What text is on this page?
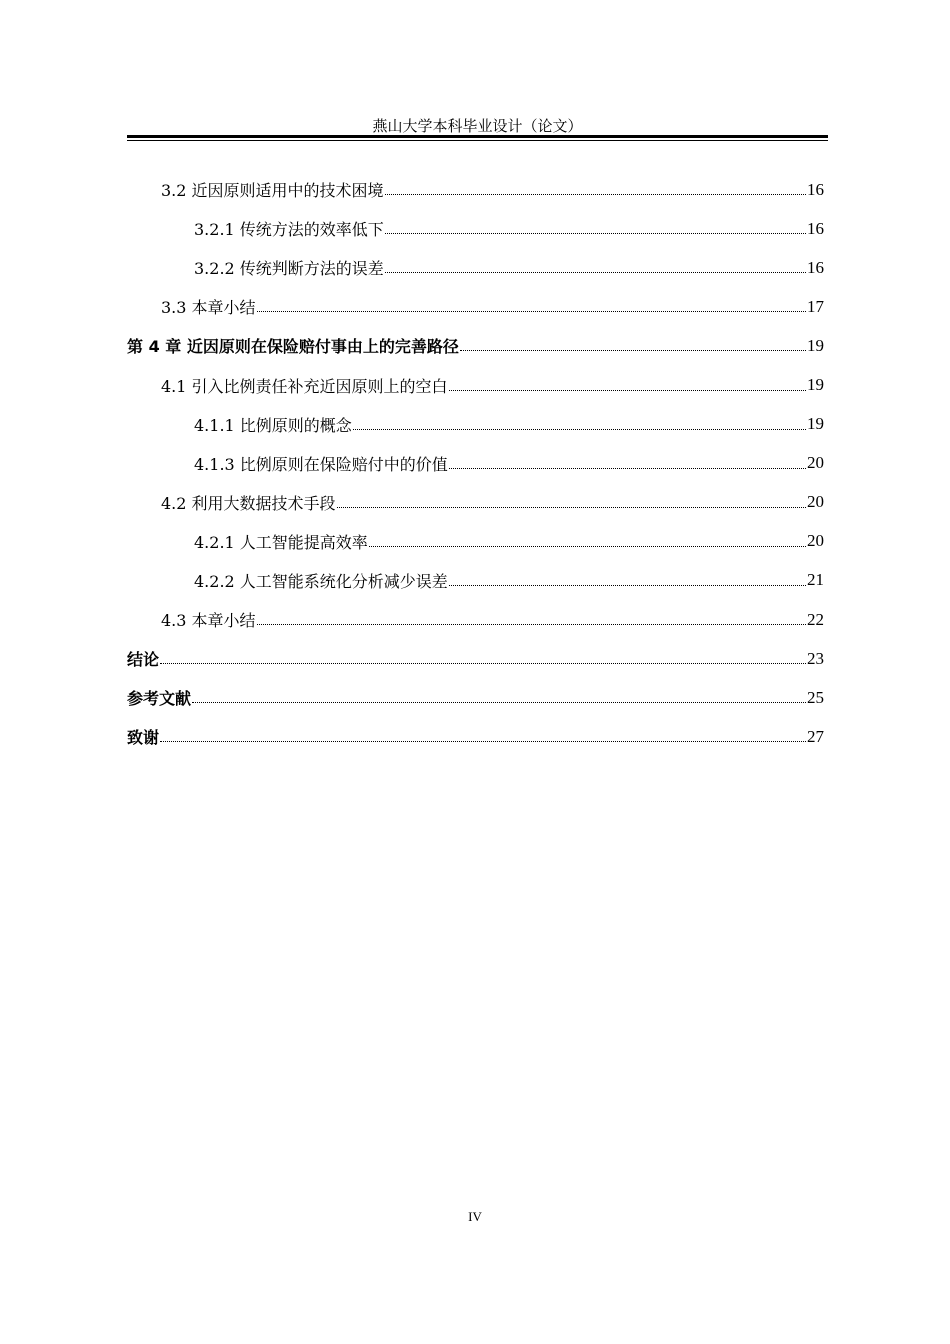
燕山大学本科毕业设计（论文）
3.2 近因原则适用中的技术困境	16
3.2.1 传统方法的效率低下	16
3.2.2 传统判断方法的误差	16
3.3 本章小结	17
第 4 章 近因原则在保险赔付事由上的完善路径	19
4.1 引入比例责任补充近因原则上的空白	19
4.1.1 比例原则的概念	19
4.1.3 比例原则在保险赔付中的价值	20
4.2 利用大数据技术手段	20
4.2.1 人工智能提高效率	20
4.2.2 人工智能系统化分析减少误差	21
4.3 本章小结	22
结论	23
参考文献	25
致谢	27
IV
